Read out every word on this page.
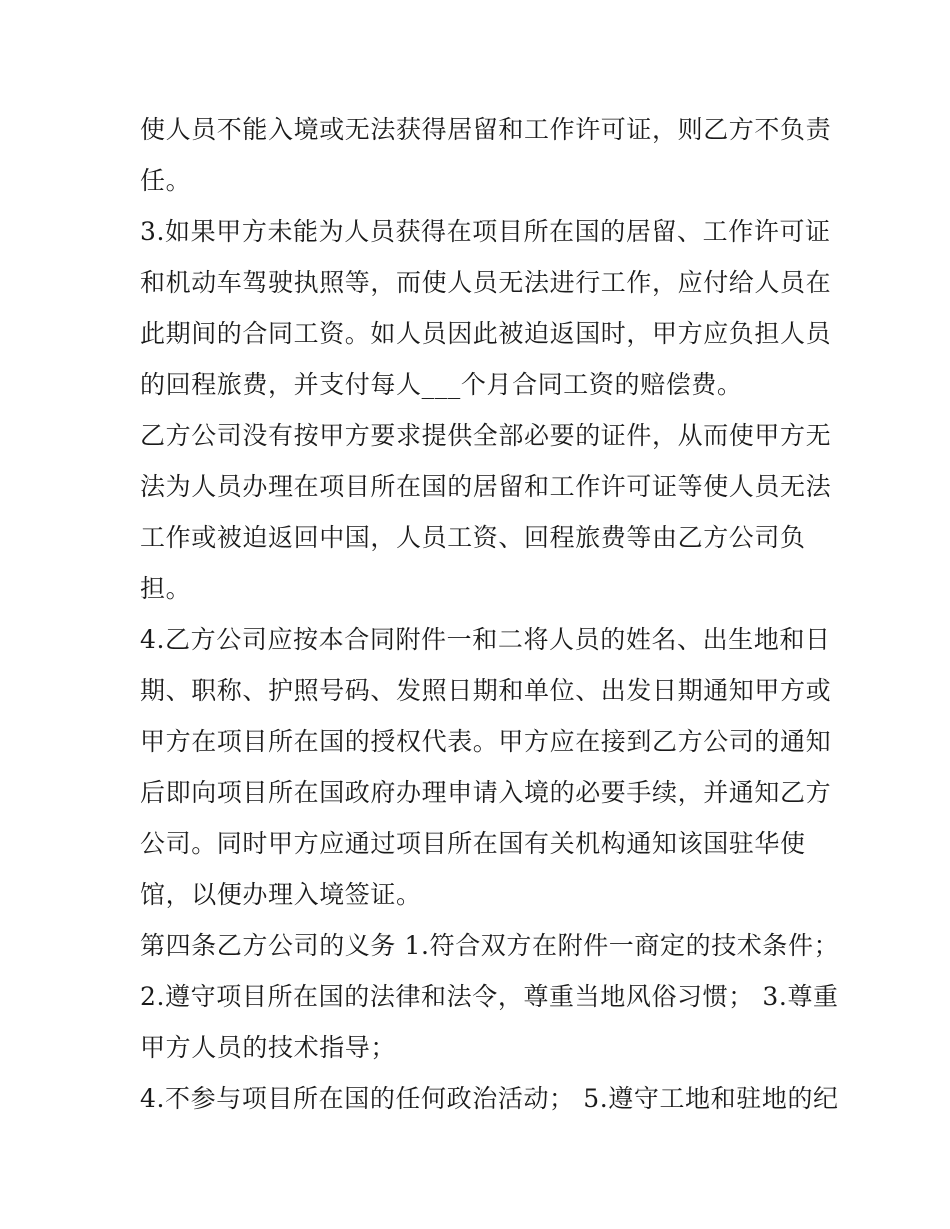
使人员不能入境或无法获得居留和工作许可证，则乙方不负责
任。
3.如果甲方未能为人员获得在项目所在国的居留、工作许可证
和机动车驾驶执照等，而使人员无法进行工作，应付给人员在
此期间的合同工资。如人员因此被迫返国时，甲方应负担人员
的回程旅费，并支付每人___个月合同工资的赔偿费。
乙方公司没有按甲方要求提供全部必要的证件，从而使甲方无
法为人员办理在项目所在国的居留和工作许可证等使人员无法
工作或被迫返回中国，人员工资、回程旅费等由乙方公司负
担。
4.乙方公司应按本合同附件一和二将人员的姓名、出生地和日
期、职称、护照号码、发照日期和单位、出发日期通知甲方或
甲方在项目所在国的授权代表。甲方应在接到乙方公司的通知
后即向项目所在国政府办理申请入境的必要手续，并通知乙方
公司。同时甲方应通过项目所在国有关机构通知该国驻华使
馆，以便办理入境签证。
第四条乙方公司的义务 1.符合双方在附件一商定的技术条件；
2.遵守项目所在国的法律和法令，尊重当地风俗习惯； 3.尊重
甲方人员的技术指导；
4.不参与项目所在国的任何政治活动； 5.遵守工地和驻地的纪
